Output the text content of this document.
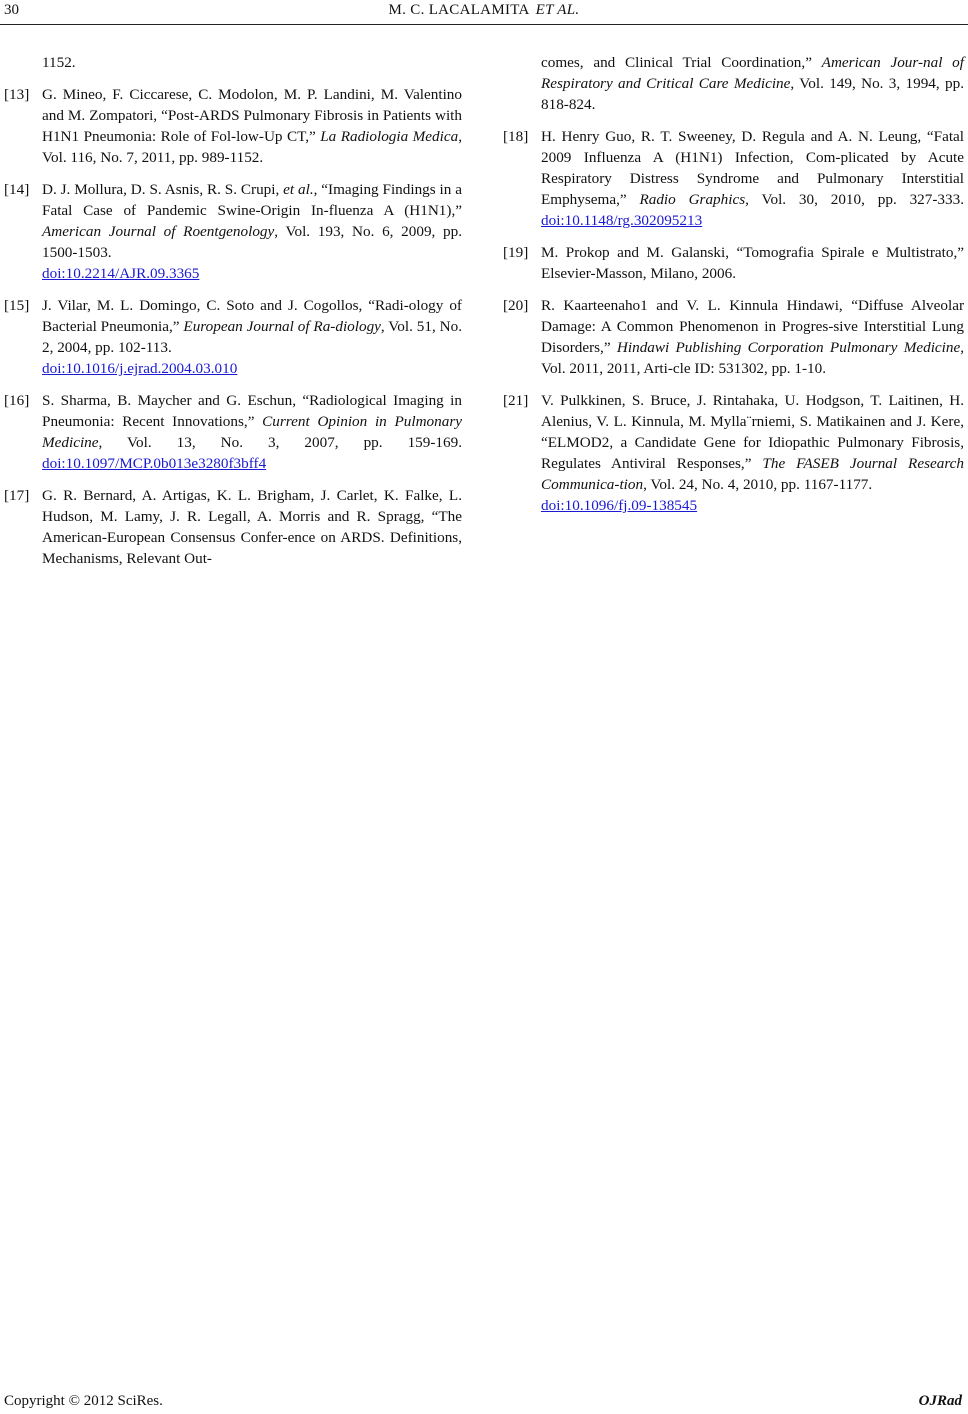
30	M. C. LACALAMITA ET AL.
1152.
[13] G. Mineo, F. Ciccarese, C. Modolon, M. P. Landini, M. Valentino and M. Zompatori, “Post-ARDS Pulmonary Fibrosis in Patients with H1N1 Pneumonia: Role of Fol-low-Up CT,” La Radiologia Medica, Vol. 116, No. 7, 2011, pp. 989-1152.
[14] D. J. Mollura, D. S. Asnis, R. S. Crupi, et al., “Imaging Findings in a Fatal Case of Pandemic Swine-Origin In-fluenza A (H1N1),” American Journal of Roentgenology, Vol. 193, No. 6, 2009, pp. 1500-1503.
doi:10.2214/AJR.09.3365
[15] J. Vilar, M. L. Domingo, C. Soto and J. Cogollos, “Radi-ology of Bacterial Pneumonia,” European Journal of Ra-diology, Vol. 51, No. 2, 2004, pp. 102-113.
doi:10.1016/j.ejrad.2004.03.010
[16] S. Sharma, B. Maycher and G. Eschun, “Radiological Imaging in Pneumonia: Recent Innovations,” Current Opinion in Pulmonary Medicine, Vol. 13, No. 3, 2007, pp. 159-169. doi:10.1097/MCP.0b013e3280f3bff4
[17] G. R. Bernard, A. Artigas, K. L. Brigham, J. Carlet, K. Falke, L. Hudson, M. Lamy, J. R. Legall, A. Morris and R. Spragg, “The American-European Consensus Confer-ence on ARDS. Definitions, Mechanisms, Relevant Out-
comes, and Clinical Trial Coordination,” American Jour-nal of Respiratory and Critical Care Medicine, Vol. 149, No. 3, 1994, pp. 818-824.
[18] H. Henry Guo, R. T. Sweeney, D. Regula and A. N. Leung, “Fatal 2009 Influenza A (H1N1) Infection, Com-plicated by Acute Respiratory Distress Syndrome and Pulmonary Interstitial Emphysema,” Radio Graphics, Vol. 30, 2010, pp. 327-333. doi:10.1148/rg.302095213
[19] M. Prokop and M. Galanski, “Tomografia Spirale e Multistrato,” Elsevier-Masson, Milano, 2006.
[20] R. Kaarteenaho1 and V. L. Kinnula Hindawi, “Diffuse Alveolar Damage: A Common Phenomenon in Progres-sive Interstitial Lung Disorders,” Hindawi Publishing Corporation Pulmonary Medicine, Vol. 2011, 2011, Arti-cle ID: 531302, pp. 1-10.
[21] V. Pulkkinen, S. Bruce, J. Rintahaka, U. Hodgson, T. Laitinen, H. Alenius, V. L. Kinnula, M. Mylla¨rniemi, S. Matikainen and J. Kere, “ELMOD2, a Candidate Gene for Idiopathic Pulmonary Fibrosis, Regulates Antiviral Responses,” The FASEB Journal Research Communica-tion, Vol. 24, No. 4, 2010, pp. 1167-1177.
doi:10.1096/fj.09-138545
Copyright © 2012 SciRes.	OJRad
